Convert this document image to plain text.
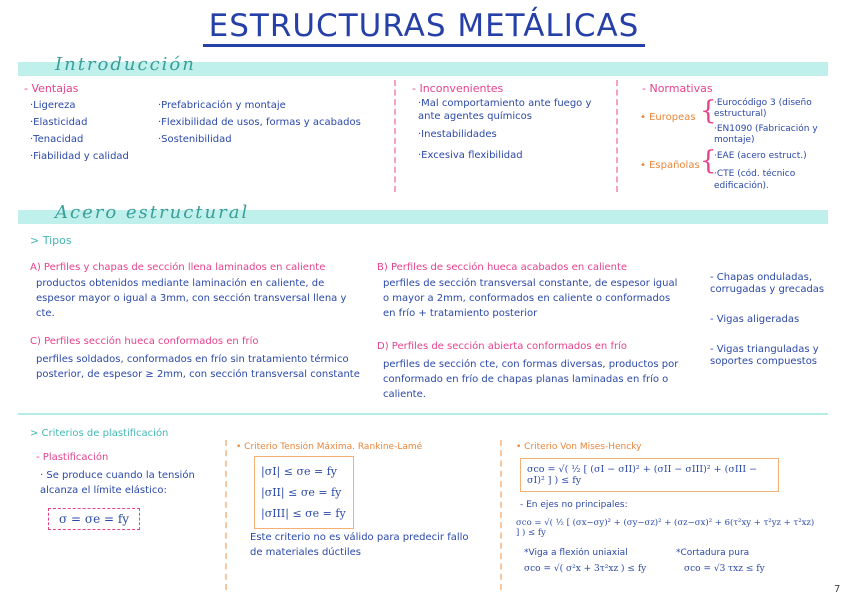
ESTRUCTURAS METÁLICAS
Introducción
- Ventajas
·Ligereza
·Elasticidad
·Tenacidad
·Fiabilidad y calidad
·Prefabricación y montaje
·Flexibilidad de usos, formas y acabados
·Sostenibilidad
- Inconvenientes
·Mal comportamiento ante fuego y ante agentes químicos
·Inestabilidades
·Excesiva flexibilidad
- Normativas
• Europeas {
·Eurocódigo 3 (diseño estructural)
·EN1090 (Fabricación y montaje)
• Españolas {
·EAE (acero estruct.)
·CTE (cód. técnico edificación).
Acero estructural
> Tipos
A) Perfiles y chapas de sección llena laminados en caliente
productos obtenidos mediante laminación en caliente, de espesor mayor o igual a 3mm, con sección transversal llena y cte.
B) Perfiles de sección hueca acabados en caliente
perfiles de sección transversal constante, de espesor igual o mayor a 2mm, conformados en caliente o conformados en frío + tratamiento posterior
C) Perfiles sección hueca conformados en frío
perfiles soldados, conformados en frío sin tratamiento térmico posterior, de espesor ≥ 2mm, con sección transversal constante
D) Perfiles de sección abierta conformados en frío
perfiles de sección cte, con formas diversas, productos por conformado en frío de chapas planas laminadas en frío o caliente.
- Chapas onduladas, corrugadas y grecadas
- Vigas aligeradas
- Vigas trianguladas y soportes compuestos
> Criterios de plastificación
- Plastificación
· Se produce cuando la tensión alcanza el límite elástico:
σ = σe = fy
• Criterio Tensión Máxima. Rankine-Lamé
|σI| ≤ σe = fy
|σII| ≤ σe = fy
|σIII| ≤ σe = fy
Este criterio no es válido para predecir fallo de materiales dúctiles
• Criterio Von Mises-Hencky
σco = √( ½ [ (σI − σII)² + (σII − σIII)² + (σIII − σI)² ] ) ≤ fy
- En ejes no principales:
σco = √( ½ [ (σx−σy)² + (σy−σz)² + (σz−σx)² + 6(τ²xy + τ²yz + τ²xz) ] ) ≤ fy
*Viga a flexión uniaxial
σco = √( σ²x + 3τ²xz ) ≤ fy
*Cortadura pura
σco = √3 τxz ≤ fy
7
